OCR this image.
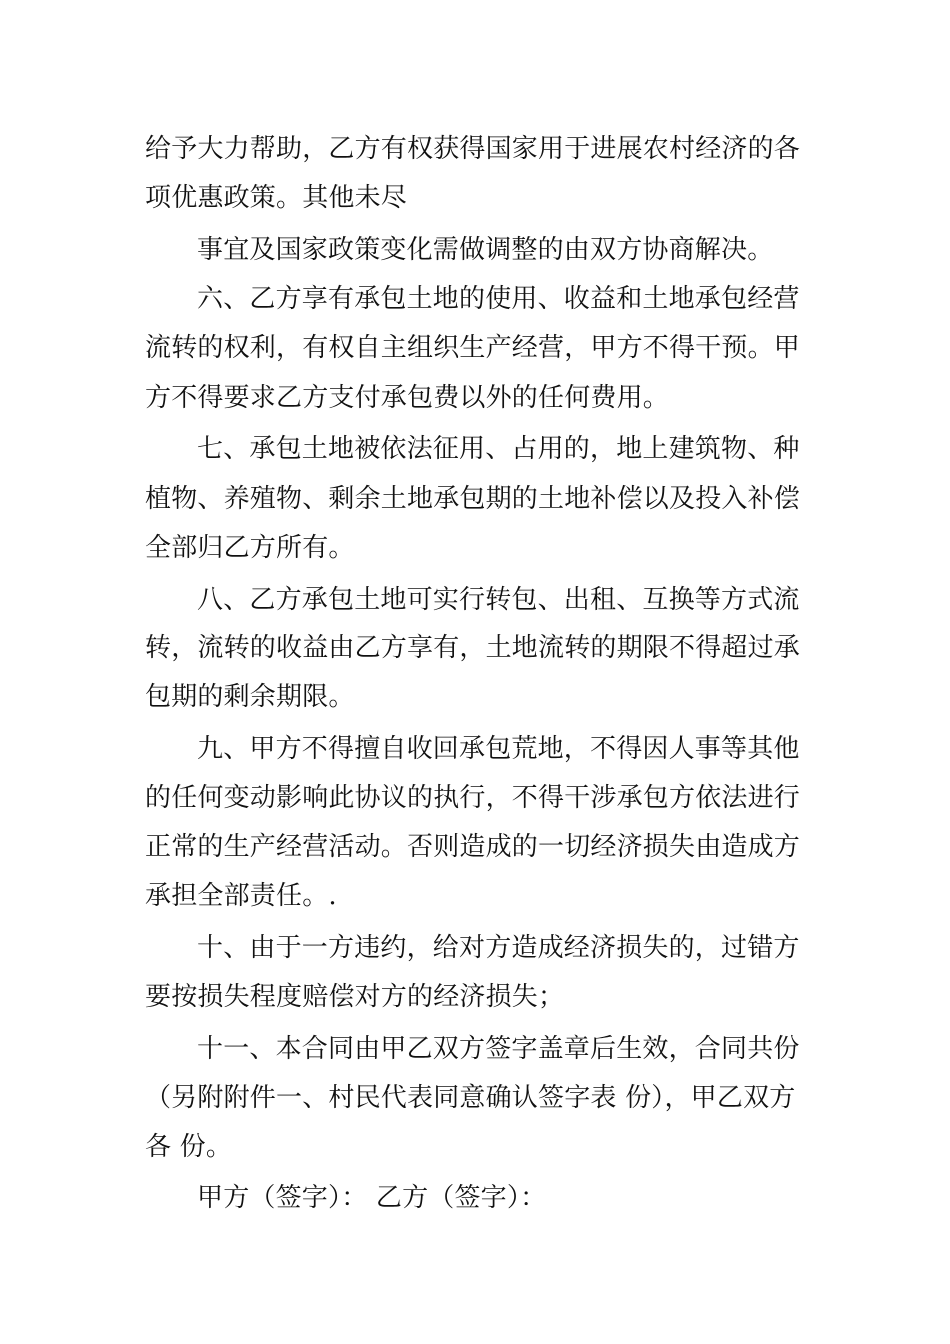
给予大力帮助，乙方有权获得国家用于进展农村经济的各
项优惠政策。其他未尽
事宜及国家政策变化需做调整的由双方协商解决。
六、乙方享有承包土地的使用、收益和土地承包经营
流转的权利，有权自主组织生产经营，甲方不得干预。甲
方不得要求乙方支付承包费以外的任何费用。
七、承包土地被依法征用、占用的，地上建筑物、种
植物、养殖物、剩余土地承包期的土地补偿以及投入补偿
全部归乙方所有。
八、乙方承包土地可实行转包、出租、互换等方式流
转，流转的收益由乙方享有，土地流转的期限不得超过承
包期的剩余期限。
九、甲方不得擅自收回承包荒地，不得因人事等其他
的任何变动影响此协议的执行，不得干涉承包方依法进行
正常的生产经营活动。否则造成的一切经济损失由造成方
承担全部责任。.
十、由于一方违约，给对方造成经济损失的，过错方
要按损失程度赔偿对方的经济损失；
十一、本合同由甲乙双方签字盖章后生效，合同共份
（另附附件一、村民代表同意确认签字表 份），甲乙双方
各 份。
甲方（签字）： 乙方（签字）：
